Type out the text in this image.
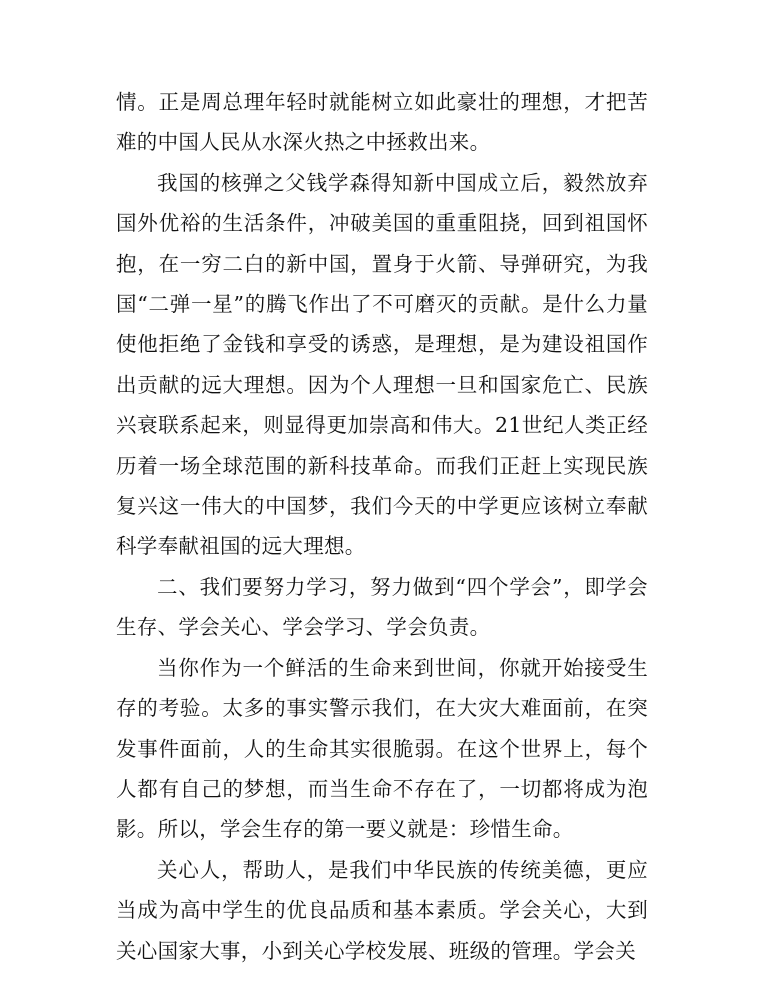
情。正是周总理年轻时就能树立如此豪壮的理想，才把苦难的中国人民从水深火热之中拯救出来。

我国的核弹之父钱学森得知新中国成立后，毅然放弃国外优裕的生活条件，冲破美国的重重阻挠，回到祖国怀抱，在一穷二白的新中国，置身于火箭、导弹研究，为我国“二弹一星”的腾飞作出了不可磨灭的贡献。是什么力量使他拒绝了金钱和享受的诱惑，是理想，是为建设祖国作出贡献的远大理想。因为个人理想一旦和国家危亡、民族兴衰联系起来，则显得更加崇高和伟大。21世纪人类正经历着一场全球范围的新科技革命。而我们正赶上实现民族复兴这一伟大的中国梦，我们今天的中学更应该树立奉献科学奉献祖国的远大理想。

二、我们要努力学习，努力做到“四个学会”，即学会生存、学会关心、学会学习、学会负责。

当你作为一个鲜活的生命来到世间，你就开始接受生存的考验。太多的事实警示我们，在大灾大难面前，在突发事件面前，人的生命其实很脆弱。在这个世界上，每个人都有自己的梦想，而当生命不存在了，一切都将成为泡影。所以，学会生存的第一要义就是：珍惜生命。

关心人，帮助人，是我们中华民族的传统美德，更应当成为高中学生的优良品质和基本素质。学会关心，大到关心国家大事，小到关心学校发展、班级的管理。学会关
